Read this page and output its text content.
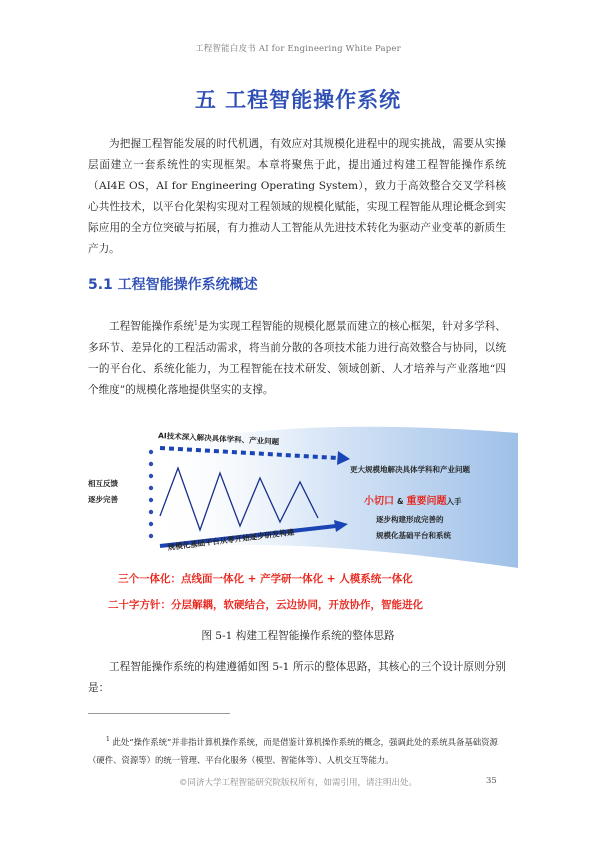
工程智能白皮书 AI for Engineering White Paper
五 工程智能操作系统

为把握工程智能发展的时代机遇，有效应对其规模化进程中的现实挑战，需要从实操层面建立一套系统性的实现框架。本章将聚焦于此，提出通过构建工程智能操作系统（AI4E OS，AI for Engineering Operating System），致力于高效整合交叉学科核心共性技术，以平台化架构实现对工程领域的规模化赋能，实现工程智能从理论概念到实际应用的全方位突破与拓展，有力推动人工智能从先进技术转化为驱动产业变革的新质生产力。

5.1 工程智能操作系统概述

工程智能操作系统$^1$是为实现工程智能的规模化愿景而建立的核心框架，针对多学科、多环节、差异化的工程活动需求，将当前分散的各项技术能力进行高效整合与协同，以统一的平台化、系统化能力，为工程智能在技术研发、领域创新、人才培养与产业落地“四个维度”的规模化落地提供坚实的支撑。

AI技术深入解决具体学科、产业问题
相互反馈
逐步完善
规模化基础平台从零开始逐步研发构建
更大规模地解决具体学科和产业问题
小切口 & 重要问题入手
逐步构建形成完善的
规模化基础平台和系统
三个一体化：点线面一体化 + 产学研一体化 + 人模系统一体化
二十字方针：分层解耦，软硬结合，云边协同，开放协作，智能进化
图 5-1 构建工程智能操作系统的整体思路

工程智能操作系统的构建遵循如图 5-1 所示的整体思路，其核心的三个设计原则分别是：

$^1$ 此处“操作系统”并非指计算机操作系统，而是借鉴计算机操作系统的概念，强调此处的系统具备基础资源（硬件、资源等）的统一管理、平台化服务（模型、智能体等）、人机交互等能力。

©同济大学工程智能研究院版权所有，如需引用，请注明出处。	35
